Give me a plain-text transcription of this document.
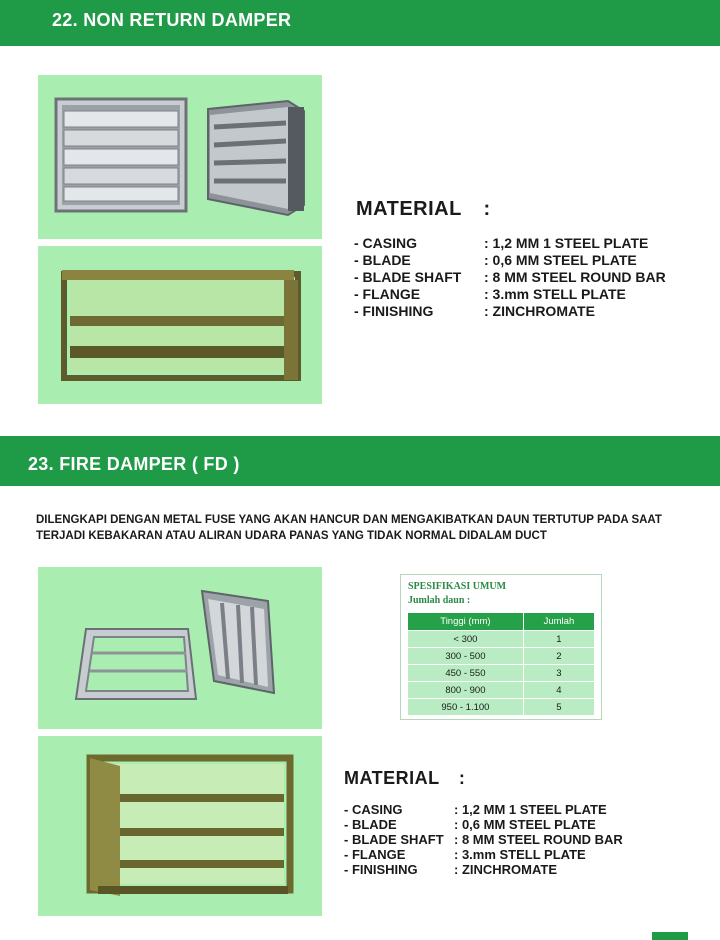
22. NON RETURN DAMPER
MATERIAL :
- CASING	: 1,2 MM 1 STEEL PLATE
- BLADE	: 0,6 MM STEEL PLATE
- BLADE SHAFT : 8 MM STEEL ROUND BAR
- FLANGE	: 3.mm STELL PLATE
- FINISHING	: ZINCHROMATE
23. FIRE DAMPER ( FD )
DILENGKAPI DENGAN METAL FUSE YANG AKAN HANCUR DAN MENGAKIBATKAN DAUN TERTUTUP PADA SAAT
TERJADI KEBAKARAN ATAU ALIRAN UDARA PANAS YANG TIDAK NORMAL DIDALAM DUCT
SPESIFIKASI UMUM
Jumlah daun :
Tinggi (mm)	Jumlah
< 300	1
300 - 500	2
450 - 550	3
800 - 900	4
950 - 1.100	5
MATERIAL :
- CASING	: 1,2 MM 1 STEEL PLATE
- BLADE	: 0,6 MM STEEL PLATE
- BLADE SHAFT : 8 MM STEEL ROUND BAR
- FLANGE	: 3.mm STELL PLATE
- FINISHING	: ZINCHROMATE
